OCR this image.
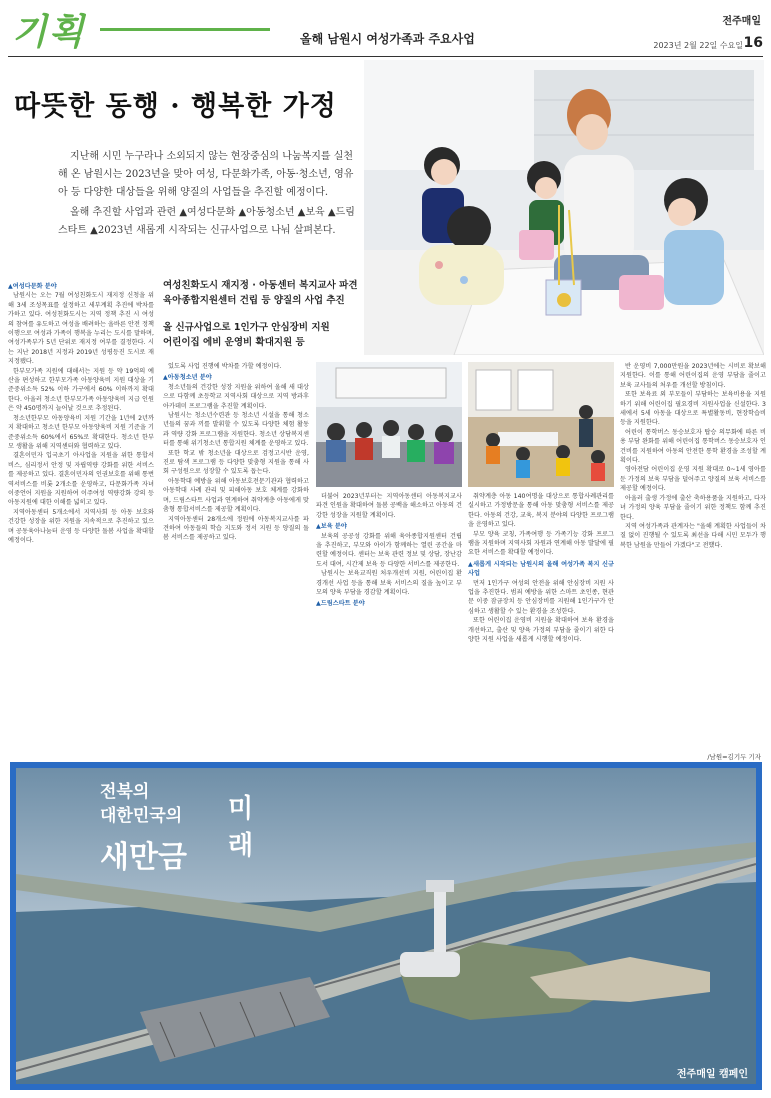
기획	올해 남원시 여성가족과 주요사업
전주매일
2023년 2월 22일 수요일 16
따뜻한 동행 · 행복한 가정

지난해 시민 누구라나 소외되지 않는 현장중심의 나눔복지를 실천해 온 남원시는 2023년을 맞아 여성, 다문화가족, 아동·청소년, 영유아 등 다양한 대상들을 위해 양질의 사업들을 추진할 예정이다.

올해 추진할 사업과 관련 ▲여성다문화 ▲아동청소년 ▲보육 ▲드림스타트 ▲2023년 새롭게 시작되는 신규사업으로 나눠 살펴본다.

여성친화도시 재지정 · 아동센터 복지교사 파견
육아종합지원센터 건립 등 양질의 사업 추진
올 신규사업으로 1인가구 안심장비 지원
어린이집 에비 운영비 확대지원 등
▲여성다문화 분야

남원시는 오는 7월 여성친화도시 재지정 신청을 위해 3세 조성목표를 설정하고 세부계획 추진에 박차를 가하고 있다. 여성친화도시는 지역 정책 추진 시 여성의 참여를 유도하고 여성을 배려하는 올바른 안전 정책 이행으로 여성과 가족이 행복을 누리는 도시를 말하며, 여성가족부가 5년 단위로 재지정 여부를 결정한다. 시는 지난 2018년 지정과 2019년 성평등진 도시로 재지정됐다.

한부모가족 지원에 대해서는 지원 등 약 19억의 예산을 편성하고 한부모가족 아동양육비 지원 대상을 기준중위소득 52% 이하 가구에서 60% 이하까지 확대한다. 아울러 청소년 한부모가족 아동양육비 지급 인원은 약 450명까지 늘어날 것으로 추정된다.

청소년한부모 아동양육비 지원 기간을 1년에 2년까지 확대하고 청소년 한부모 아동양육비 지원 기준을 기준중위소득 60%에서 65%로 확대한다. 청소년 한부모 생활을 위해 지역센터와 협력하고 있다.

결혼이민자 입국초기 아사업을 지원을 위한 통합서비스, 심리정서 안정 및 자립역량 강화를 위한 서비스를 제공하고 있다. 결혼이민자의 인권보호를 위해 통번역서비스를 비롯 2개소를 운영하고, 다문화가족 자녀 이중언어 지원을 지원하여 이주여성 역량강화 강의 등 아동지원에 대한 이해를 넓히고 있다.

지역아동센터 5개소에서 지역사회 등 아동 보호와 건강한 성장을 위한 지원을 지속적으로 추진하고 있으며 공동육아나눔터 운영 등 다양한 돌봄 사업을 확대할 예정이다.

있도록 사업 진행에 박차를 가할 예정이다.

▲아동청소년 분야

청소년들의 건강한 성장 지원을 위하여 올해 새 대상으로 다함께 초등학교 지역사회 대상으로 지역 방과후 아카데미 프로그램을 추진할 계획이다.

남원시는 청소년수련관 등 청소년 시설을 통해 청소년들의 꿈과 끼를 발휘할 수 있도록 다양한 체험 활동과 역량 강화 프로그램을 지원한다. 청소년 상담복지센터를 통해 위기청소년 통합지원 체계를 운영하고 있다.

또한 학교 밖 청소년을 대상으로 검정고시반 운영, 진로 탐색 프로그램 등 다양한 맞춤형 지원을 통해 사회 구성원으로 성장할 수 있도록 돕는다.

아동학대 예방을 위해 아동보호전문기관과 협력하고 아동학대 사례 관리 및 피해아동 보호 체계를 강화하며, 드림스타트 사업과 연계하여 취약계층 아동에게 맞춤형 통합서비스를 제공할 계획이다.

지역아동센터 28개소에 정원에 아동복지교사를 파견하여 아동들의 학습 지도와 정서 지원 등 양질의 돌봄 서비스를 제공하고 있다.

더불어 2023년부터는 지역아동센터 아동복지교사 파견 인원을 확대하여 돌봄 공백을 해소하고 아동의 건강한 성장을 지원할 계획이다.

▲보육 분야

보육의 공공성 강화를 위해 육아종합지원센터 건립을 추진하고, 부모와 아이가 함께하는 열린 공간을 마련할 예정이다. 센터는 보육 관련 정보 및 상담, 장난감 도서 대여, 시간제 보육 등 다양한 서비스를 제공한다.

남원시는 보육교직원 처우개선비 지원, 어린이집 환경개선 사업 등을 통해 보육 서비스의 질을 높이고 부모의 양육 부담을 경감할 계획이다.

▲드림스타트 분야

취약계층 아동 140여명을 대상으로 통합사례관리를 실시하고 가정방문을 통해 아동 맞춤형 서비스를 제공한다. 아동의 건강, 교육, 복지 분야의 다양한 프로그램을 운영하고 있다.

부모 양육 코칭, 가족여행 등 가족기능 강화 프로그램을 지원하며 지역사회 자원과 연계해 아동 발달에 필요한 서비스를 확대할 예정이다.

▲새롭게 시작되는 남원시의 올해 여성가족 복지 신규사업

먼저 1인가구 여성의 안전을 위해 안심장비 지원 사업을 추진한다. 범죄 예방을 위한 스마트 초인종, 현관문 이중 잠금장치 등 안심장비를 지원해 1인가구가 안심하고 생활할 수 있는 환경을 조성한다.

또한 어린이집 운영비 지원을 확대하여 보육 환경을 개선하고, 출산 및 양육 가정의 부담을 줄이기 위한 다양한 지원 사업을 새롭게 시행할 예정이다.

반 운영비 7,000만원을 2023년에는 시비로 확보해 지원한다. 이를 통해 어린이집의 운영 부담을 줄이고 보육 교사들의 처우를 개선할 방침이다.

또한 보육료 외 부모들이 부담하는 보육비용을 지원하기 위해 어린이집 필요경비 지원사업을 신설한다. 3세에서 5세 아동을 대상으로 특별활동비, 현장학습비 등을 지원한다.

어린이 통학버스 동승보호자 탑승 의무화에 따른 비용 부담 완화를 위해 어린이집 통학버스 동승보호자 인건비를 지원하여 아동의 안전한 통학 환경을 조성할 계획이다.

영아전담 어린이집 운영 지원 확대로 0~1세 영아를 둔 가정의 보육 부담을 덜어주고 양질의 보육 서비스를 제공할 예정이다.

아울러 출생 가정에 출산 축하용품을 지원하고, 다자녀 가정의 양육 부담을 줄이기 위한 정책도 함께 추진한다.

지역 여성가족과 관계자는 "올해 계획한 사업들이 차질 없이 진행될 수 있도록 최선을 다해 시민 모두가 행복한 남원을 만들어 가겠다"고 전했다.

/남원=김기두 기자
전북의
대한민국의 미래
새만금
전주매일 캠페인
